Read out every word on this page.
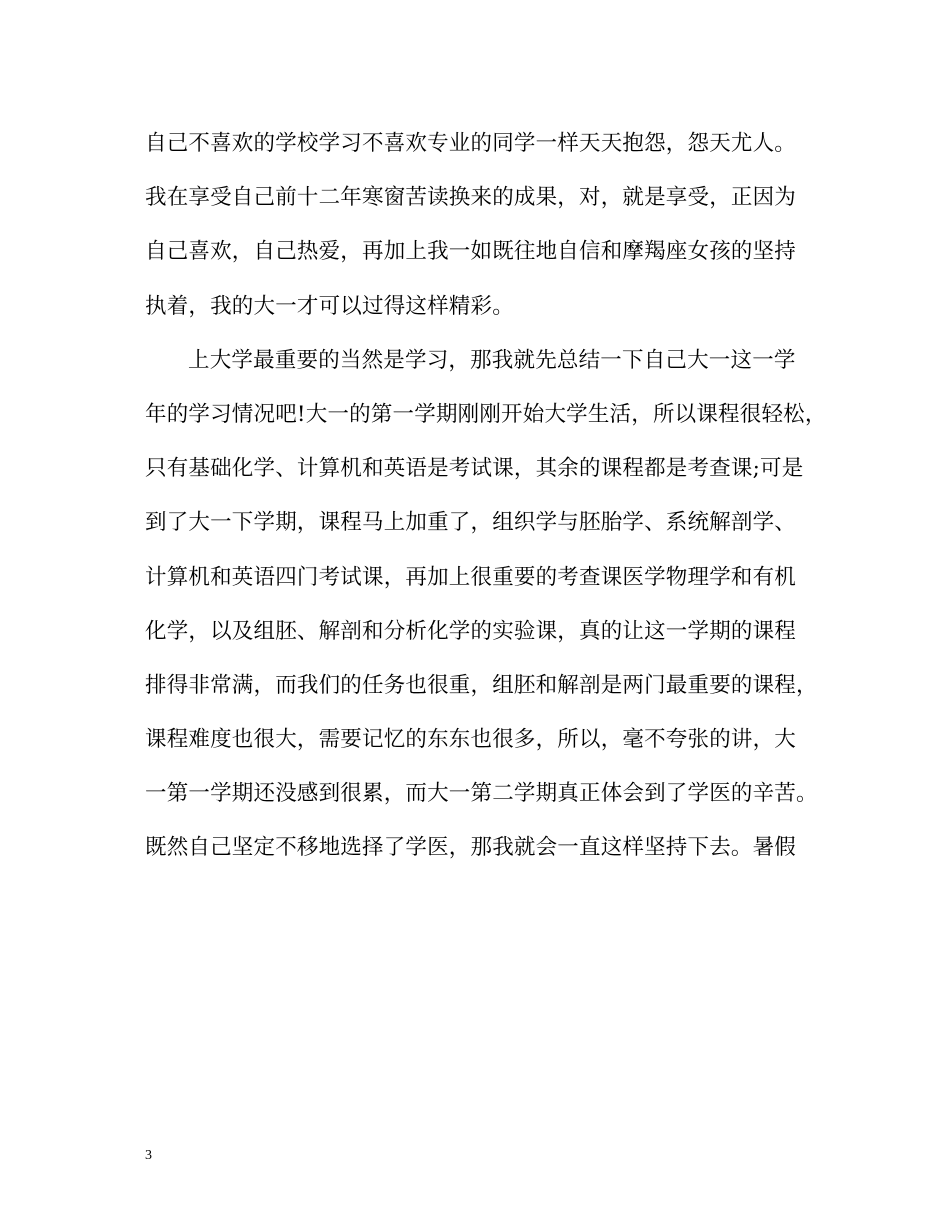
自己不喜欢的学校学习不喜欢专业的同学一样天天抱怨，怨天尤人。
我在享受自己前十二年寒窗苦读换来的成果，对，就是享受，正因为
自己喜欢，自己热爱，再加上我一如既往地自信和摩羯座女孩的坚持
执着，我的大一才可以过得这样精彩。
上大学最重要的当然是学习，那我就先总结一下自己大一这一学
年的学习情况吧!大一的第一学期刚刚开始大学生活，所以课程很轻松，
只有基础化学、计算机和英语是考试课，其余的课程都是考查课;可是
到了大一下学期，课程马上加重了，组织学与胚胎学、系统解剖学、
计算机和英语四门考试课，再加上很重要的考查课医学物理学和有机
化学，以及组胚、解剖和分析化学的实验课，真的让这一学期的课程
排得非常满，而我们的任务也很重，组胚和解剖是两门最重要的课程，
课程难度也很大，需要记忆的东东也很多，所以，毫不夸张的讲，大
一第一学期还没感到很累，而大一第二学期真正体会到了学医的辛苦。
既然自己坚定不移地选择了学医，那我就会一直这样坚持下去。暑假
3
